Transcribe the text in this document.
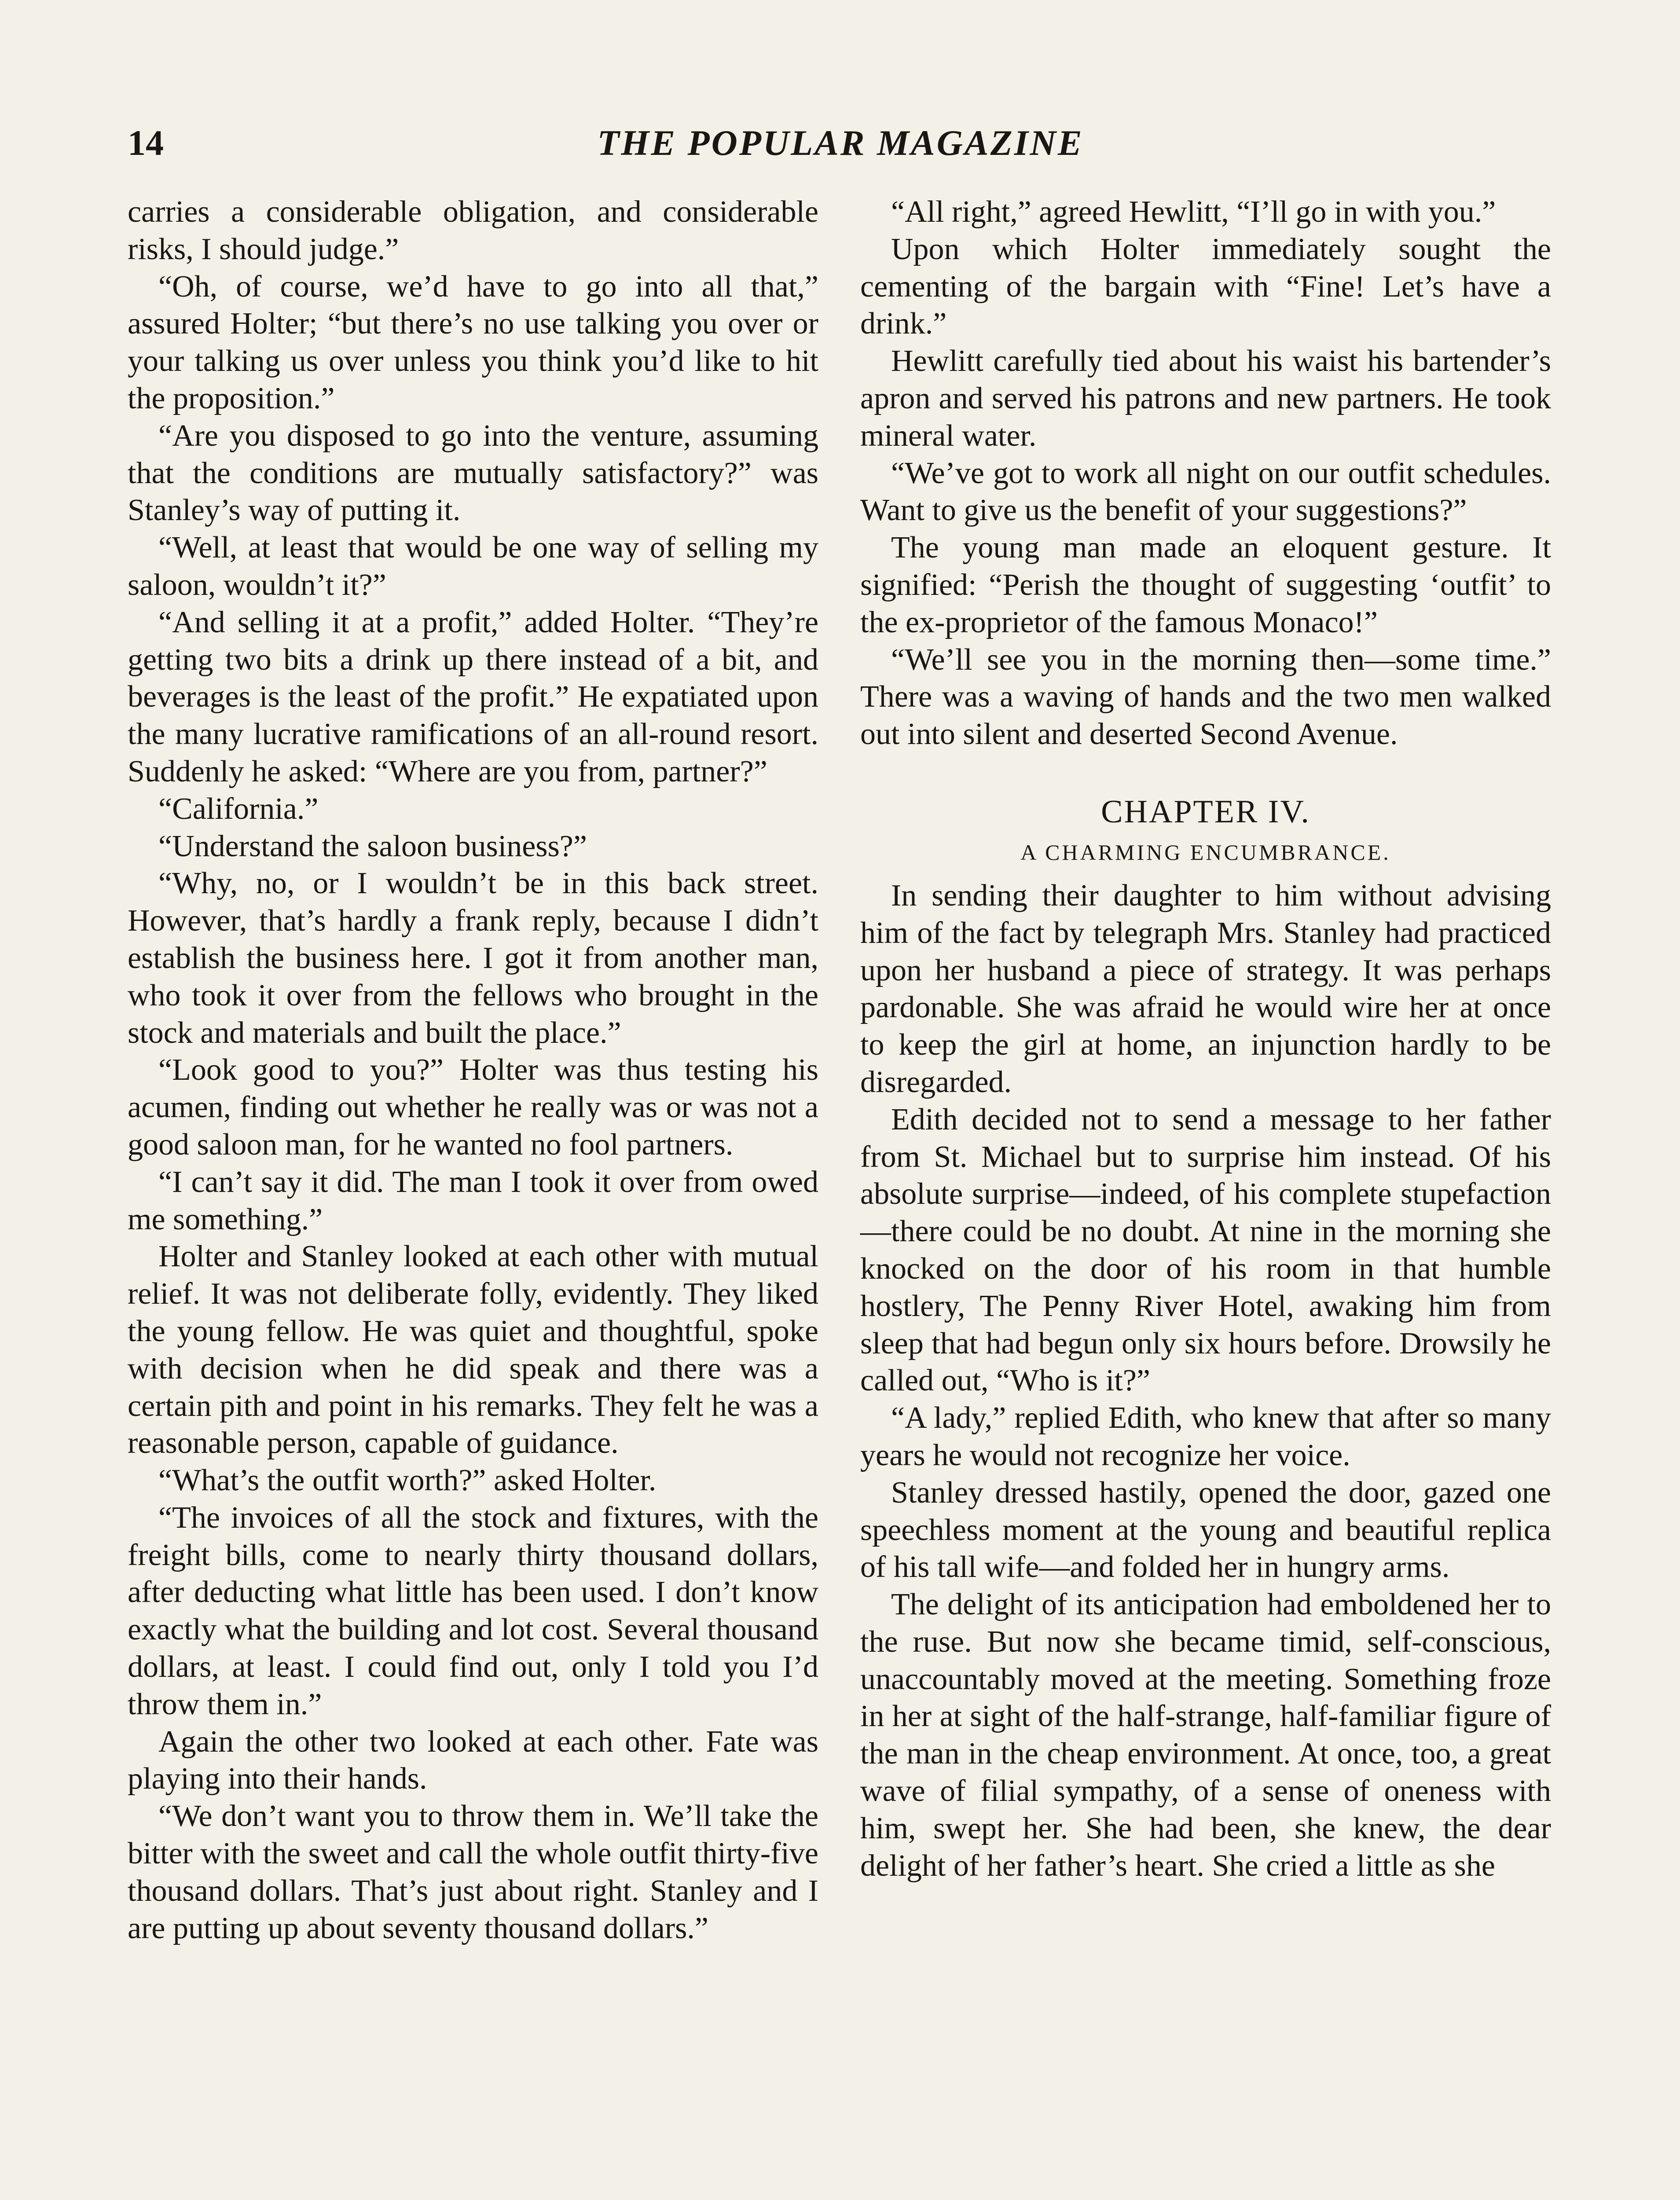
14	THE POPULAR MAGAZINE

carries a considerable obligation, and considerable risks, I should judge.”

“Oh, of course, we’d have to go into all that,” assured Holter; “but there’s no use talking you over or your talking us over unless you think you’d like to hit the proposition.”

“Are you disposed to go into the venture, assuming that the conditions are mutually satisfactory?” was Stanley’s way of putting it.

“Well, at least that would be one way of selling my saloon, wouldn’t it?”

“And selling it at a profit,” added Holter. “They’re getting two bits a drink up there instead of a bit, and beverages is the least of the profit.” He expatiated upon the many lucrative ramifications of an all-round resort. Suddenly he asked: “Where are you from, partner?”

“California.”

“Understand the saloon business?”

“Why, no, or I wouldn’t be in this back street. However, that’s hardly a frank reply, because I didn’t establish the business here. I got it from another man, who took it over from the fellows who brought in the stock and materials and built the place.”

“Look good to you?” Holter was thus testing his acumen, finding out whether he really was or was not a good saloon man, for he wanted no fool partners.

“I can’t say it did. The man I took it over from owed me something.”

Holter and Stanley looked at each other with mutual relief. It was not deliberate folly, evidently. They liked the young fellow. He was quiet and thoughtful, spoke with decision when he did speak and there was a certain pith and point in his remarks. They felt he was a reasonable person, capable of guidance.

“What’s the outfit worth?” asked Holter.

“The invoices of all the stock and fixtures, with the freight bills, come to nearly thirty thousand dollars, after deducting what little has been used. I don’t know exactly what the building and lot cost. Several thousand dollars, at least. I could find out, only I told you I’d throw them in.”

Again the other two looked at each other. Fate was playing into their hands.

“We don’t want you to throw them in. We’ll take the bitter with the sweet and call the whole outfit thirty-five thousand dollars. That’s just about right. Stanley and I are putting up about seventy thousand dollars.”

“All right,” agreed Hewlitt, “I’ll go in with you.”

Upon which Holter immediately sought the cementing of the bargain with “Fine! Let’s have a drink.”

Hewlitt carefully tied about his waist his bartender’s apron and served his patrons and new partners. He took mineral water.

“We’ve got to work all night on our outfit schedules. Want to give us the benefit of your suggestions?”

The young man made an eloquent gesture. It signified: “Perish the thought of suggesting ‘outfit’ to the ex-proprietor of the famous Monaco!”

“We’ll see you in the morning then—some time.” There was a waving of hands and the two men walked out into silent and deserted Second Avenue.

CHAPTER IV.
A CHARMING ENCUMBRANCE.

In sending their daughter to him without advising him of the fact by telegraph Mrs. Stanley had practiced upon her husband a piece of strategy. It was perhaps pardonable. She was afraid he would wire her at once to keep the girl at home, an injunction hardly to be disregarded.

Edith decided not to send a message to her father from St. Michael but to surprise him instead. Of his absolute surprise—indeed, of his complete stupefaction—there could be no doubt. At nine in the morning she knocked on the door of his room in that humble hostlery, The Penny River Hotel, awaking him from sleep that had begun only six hours before. Drowsily he called out, “Who is it?”

“A lady,” replied Edith, who knew that after so many years he would not recognize her voice.

Stanley dressed hastily, opened the door, gazed one speechless moment at the young and beautiful replica of his tall wife—and folded her in hungry arms.

The delight of its anticipation had emboldened her to the ruse. But now she became timid, self-conscious, unaccountably moved at the meeting. Something froze in her at sight of the half-strange, half-familiar figure of the man in the cheap environment. At once, too, a great wave of filial sympathy, of a sense of oneness with him, swept her. She had been, she knew, the dear delight of her father’s heart. She cried a little as she
